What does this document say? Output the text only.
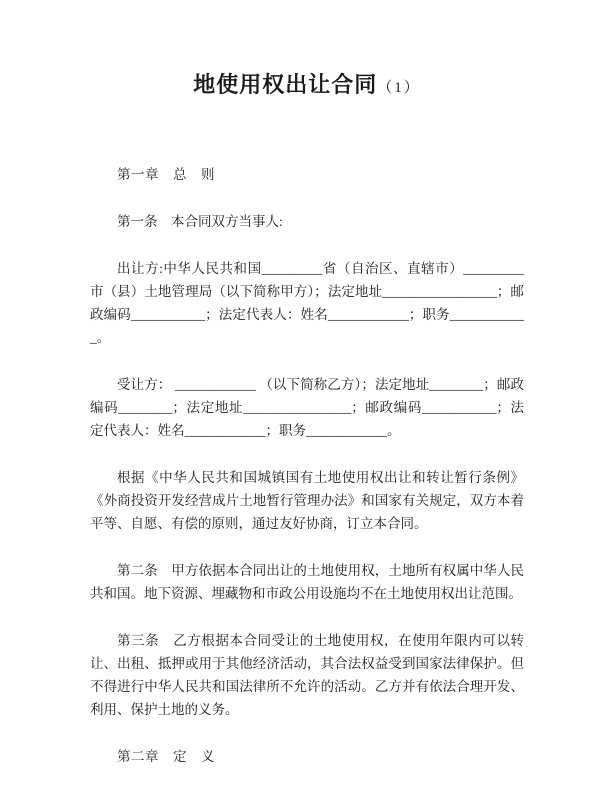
地使用权出让合同（1）

第一章　总　则

第一条　本合同双方当事人:

出让方:中华人民共和国_________省（自治区、直辖市）_________市（县）土地管理局（以下简称甲方）；法定地址_________________；邮政编码___________；法定代表人：姓名____________；职务____________。

受让方： ____________ （以下简称乙方）；法定地址________；邮政编码________；法定地址________________；邮政编码___________；法定代表人：姓名____________；职务____________。

根据《中华人民共和国城镇国有土地使用权出让和转让暂行条例》《外商投资开发经营成片土地暂行管理办法》和国家有关规定，双方本着平等、自愿、有偿的原则，通过友好协商，订立本合同。

第二条　甲方依据本合同出让的土地使用权，土地所有权属中华人民共和国。地下资源、埋藏物和市政公用设施均不在土地使用权出让范围。

第三条　乙方根据本合同受让的土地使用权，在使用年限内可以转让、出租、抵押或用于其他经济活动，其合法权益受到国家法律保护。但不得进行中华人民共和国法律所不允许的活动。乙方并有依法合理开发、利用、保护土地的义务。

第二章　定　义
